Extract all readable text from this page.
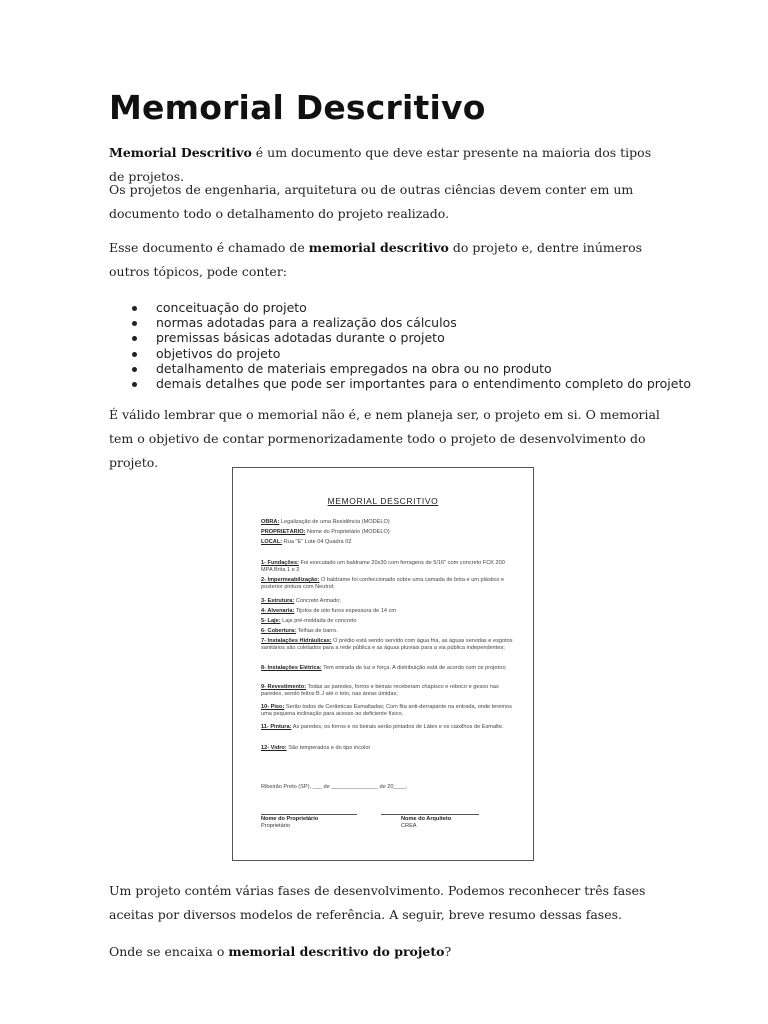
Memorial Descritivo

Memorial Descritivo é um documento que deve estar presente na maioria dos tipos de projetos.

Os projetos de engenharia, arquitetura ou de outras ciências devem conter em um documento todo o detalhamento do projeto realizado.

Esse documento é chamado de memorial descritivo do projeto e, dentre inúmeros outros tópicos, pode conter:

conceituação do projeto
normas adotadas para a realização dos cálculos
premissas básicas adotadas durante o projeto
objetivos do projeto
detalhamento de materiais empregados na obra ou no produto
demais detalhes que pode ser importantes para o entendimento completo do projeto

É válido lembrar que o memorial não é, e nem planeja ser, o projeto em si. O memorial tem o objetivo de contar pormenorizadamente todo o projeto de desenvolvimento do projeto.

MEMORIAL DESCRITIVO
OBRA: Legalização de uma Residência (MODELO)
PROPRIETÁRIO: Nome do Proprietário (MODELO)
LOCAL: Rua "E" Lote 04 Quadra 02
1- Fundações: Foi executado um baldrame 20x30 com ferragens de 5/16" com concreto FCK 200 MPA Brita 1 e 2
2- Impermeabilização: O baldrame foi confeccionado sobre uma camada de brita e um plástico e posterior pintura com Neutrol;
3- Estrutura: Concreto Armado;
4- Alvenaria: Tijolos de oito furos espessura de 14 cm
5- Laje: Laje pré-moldada de concreto
6- Cobertura: Telhas de barro.
7- Instalações Hidráulicas: O prédio está sendo servido com água fria, as águas servidas e esgotos sanitários são coletados para a rede pública e as águas pluviais para a via pública independentes;
8- Instalações Elétrica: Tem entrada de luz e força. A distribuição está de acordo com os projetos;
9- Revestimento: Todas as paredes, forros e beirais receberam chapisco e reboco e gesso nas paredes, sendo feitos B.J até o teto, nas áreas úmidas;
10- Piso: Serão todos de Cerâmicas Esmaltadas; Com fita anti-derrapante na entrada, onde teremos uma pequena inclinação para acesso ao deficiente físico.
11- Pintura: As paredes, os forros e os beirais serão pintados de Látex e os caixilhos de Esmalte.
12- Vidro: São temperados e do tipo incolor
Ribeirão Preto (SP), ___ de _______________ de 20____.
Nome do Proprietário
Proprietário
Nome do Arquiteto
CREA

Um projeto contém várias fases de desenvolvimento. Podemos reconhecer três fases aceitas por diversos modelos de referência. A seguir, breve resumo dessas fases.

Onde se encaixa o memorial descritivo do projeto?
